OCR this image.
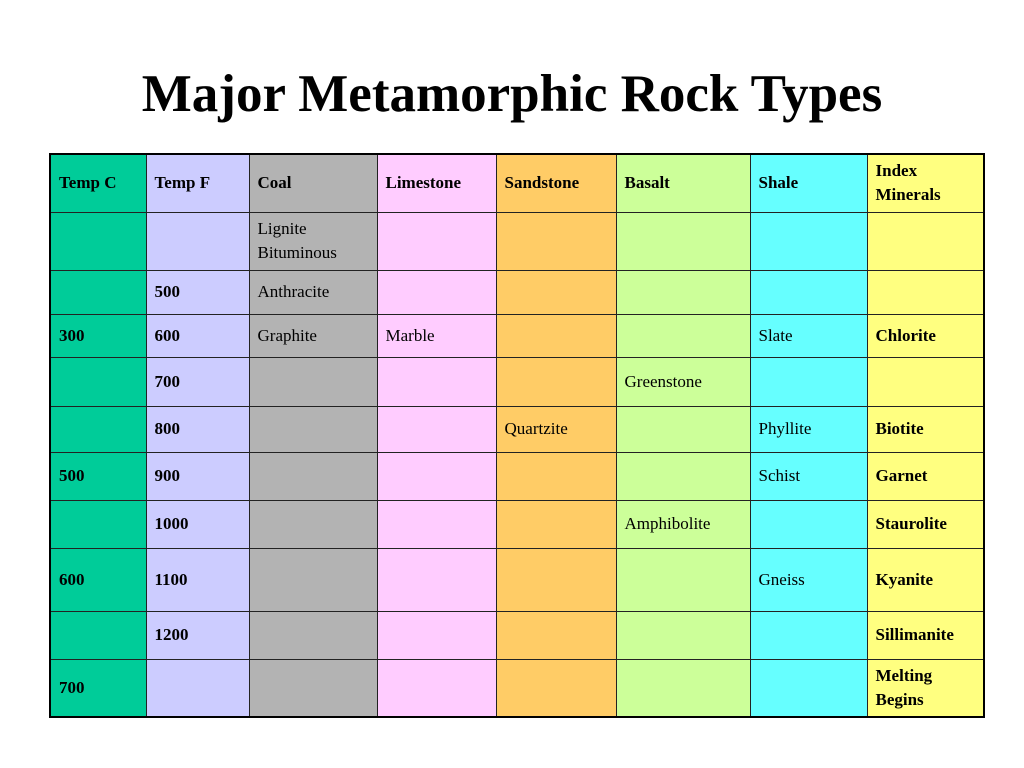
Major Metamorphic Rock Types
Temp C	Temp F	Coal	Limestone	Sandstone	Basalt	Shale	Index Minerals

		Lignite
Bituminous					

	500	Anthracite					
300	600	Graphite	Marble			Slate	Chlorite
	700				Greenstone		
	800			Quartzite		Phyllite	Biotite
500	900					Schist	Garnet
	1000				Amphibolite		Staurolite
600	1100					Gneiss	Kyanite
	1200						Sillimanite
700							Melting
Begins
